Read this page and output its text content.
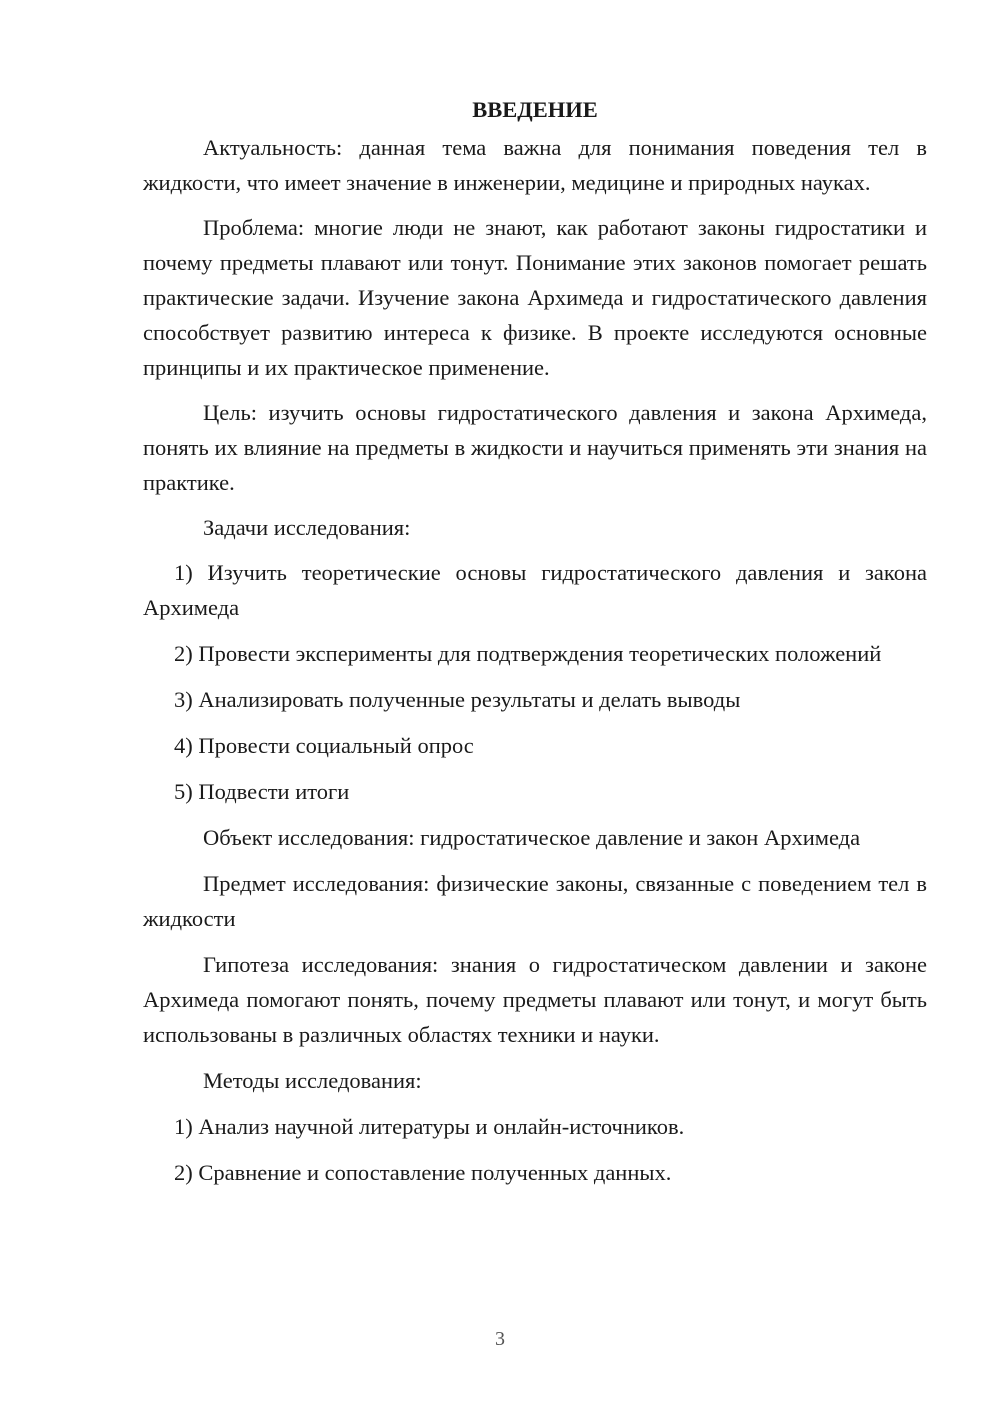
ВВЕДЕНИЕ

Актуальность: данная тема важна для понимания поведения тел в жидкости, что имеет значение в инженерии, медицине и природных науках.

Проблема: многие люди не знают, как работают законы гидростатики и почему предметы плавают или тонут. Понимание этих законов помогает решать практические задачи. Изучение закона Архимеда и гидростатического давления способствует развитию интереса к физике. В проекте исследуются основные принципы и их практическое применение.

Цель: изучить основы гидростатического давления и закона Архимеда, понять их влияние на предметы в жидкости и научиться применять эти знания на практике.

Задачи исследования:

1) Изучить теоретические основы гидростатического давления и закона Архимеда

2) Провести эксперименты для подтверждения теоретических положений

3) Анализировать полученные результаты и делать выводы

4) Провести социальный опрос

5) Подвести итоги

Объект исследования: гидростатическое давление и закон Архимеда

Предмет исследования: физические законы, связанные с поведением тел в жидкости

Гипотеза исследования: знания о гидростатическом давлении и законе Архимеда помогают понять, почему предметы плавают или тонут, и могут быть использованы в различных областях техники и науки.

Методы исследования:

1) Анализ научной литературы и онлайн-источников.

2) Сравнение и сопоставление полученных данных.

3
